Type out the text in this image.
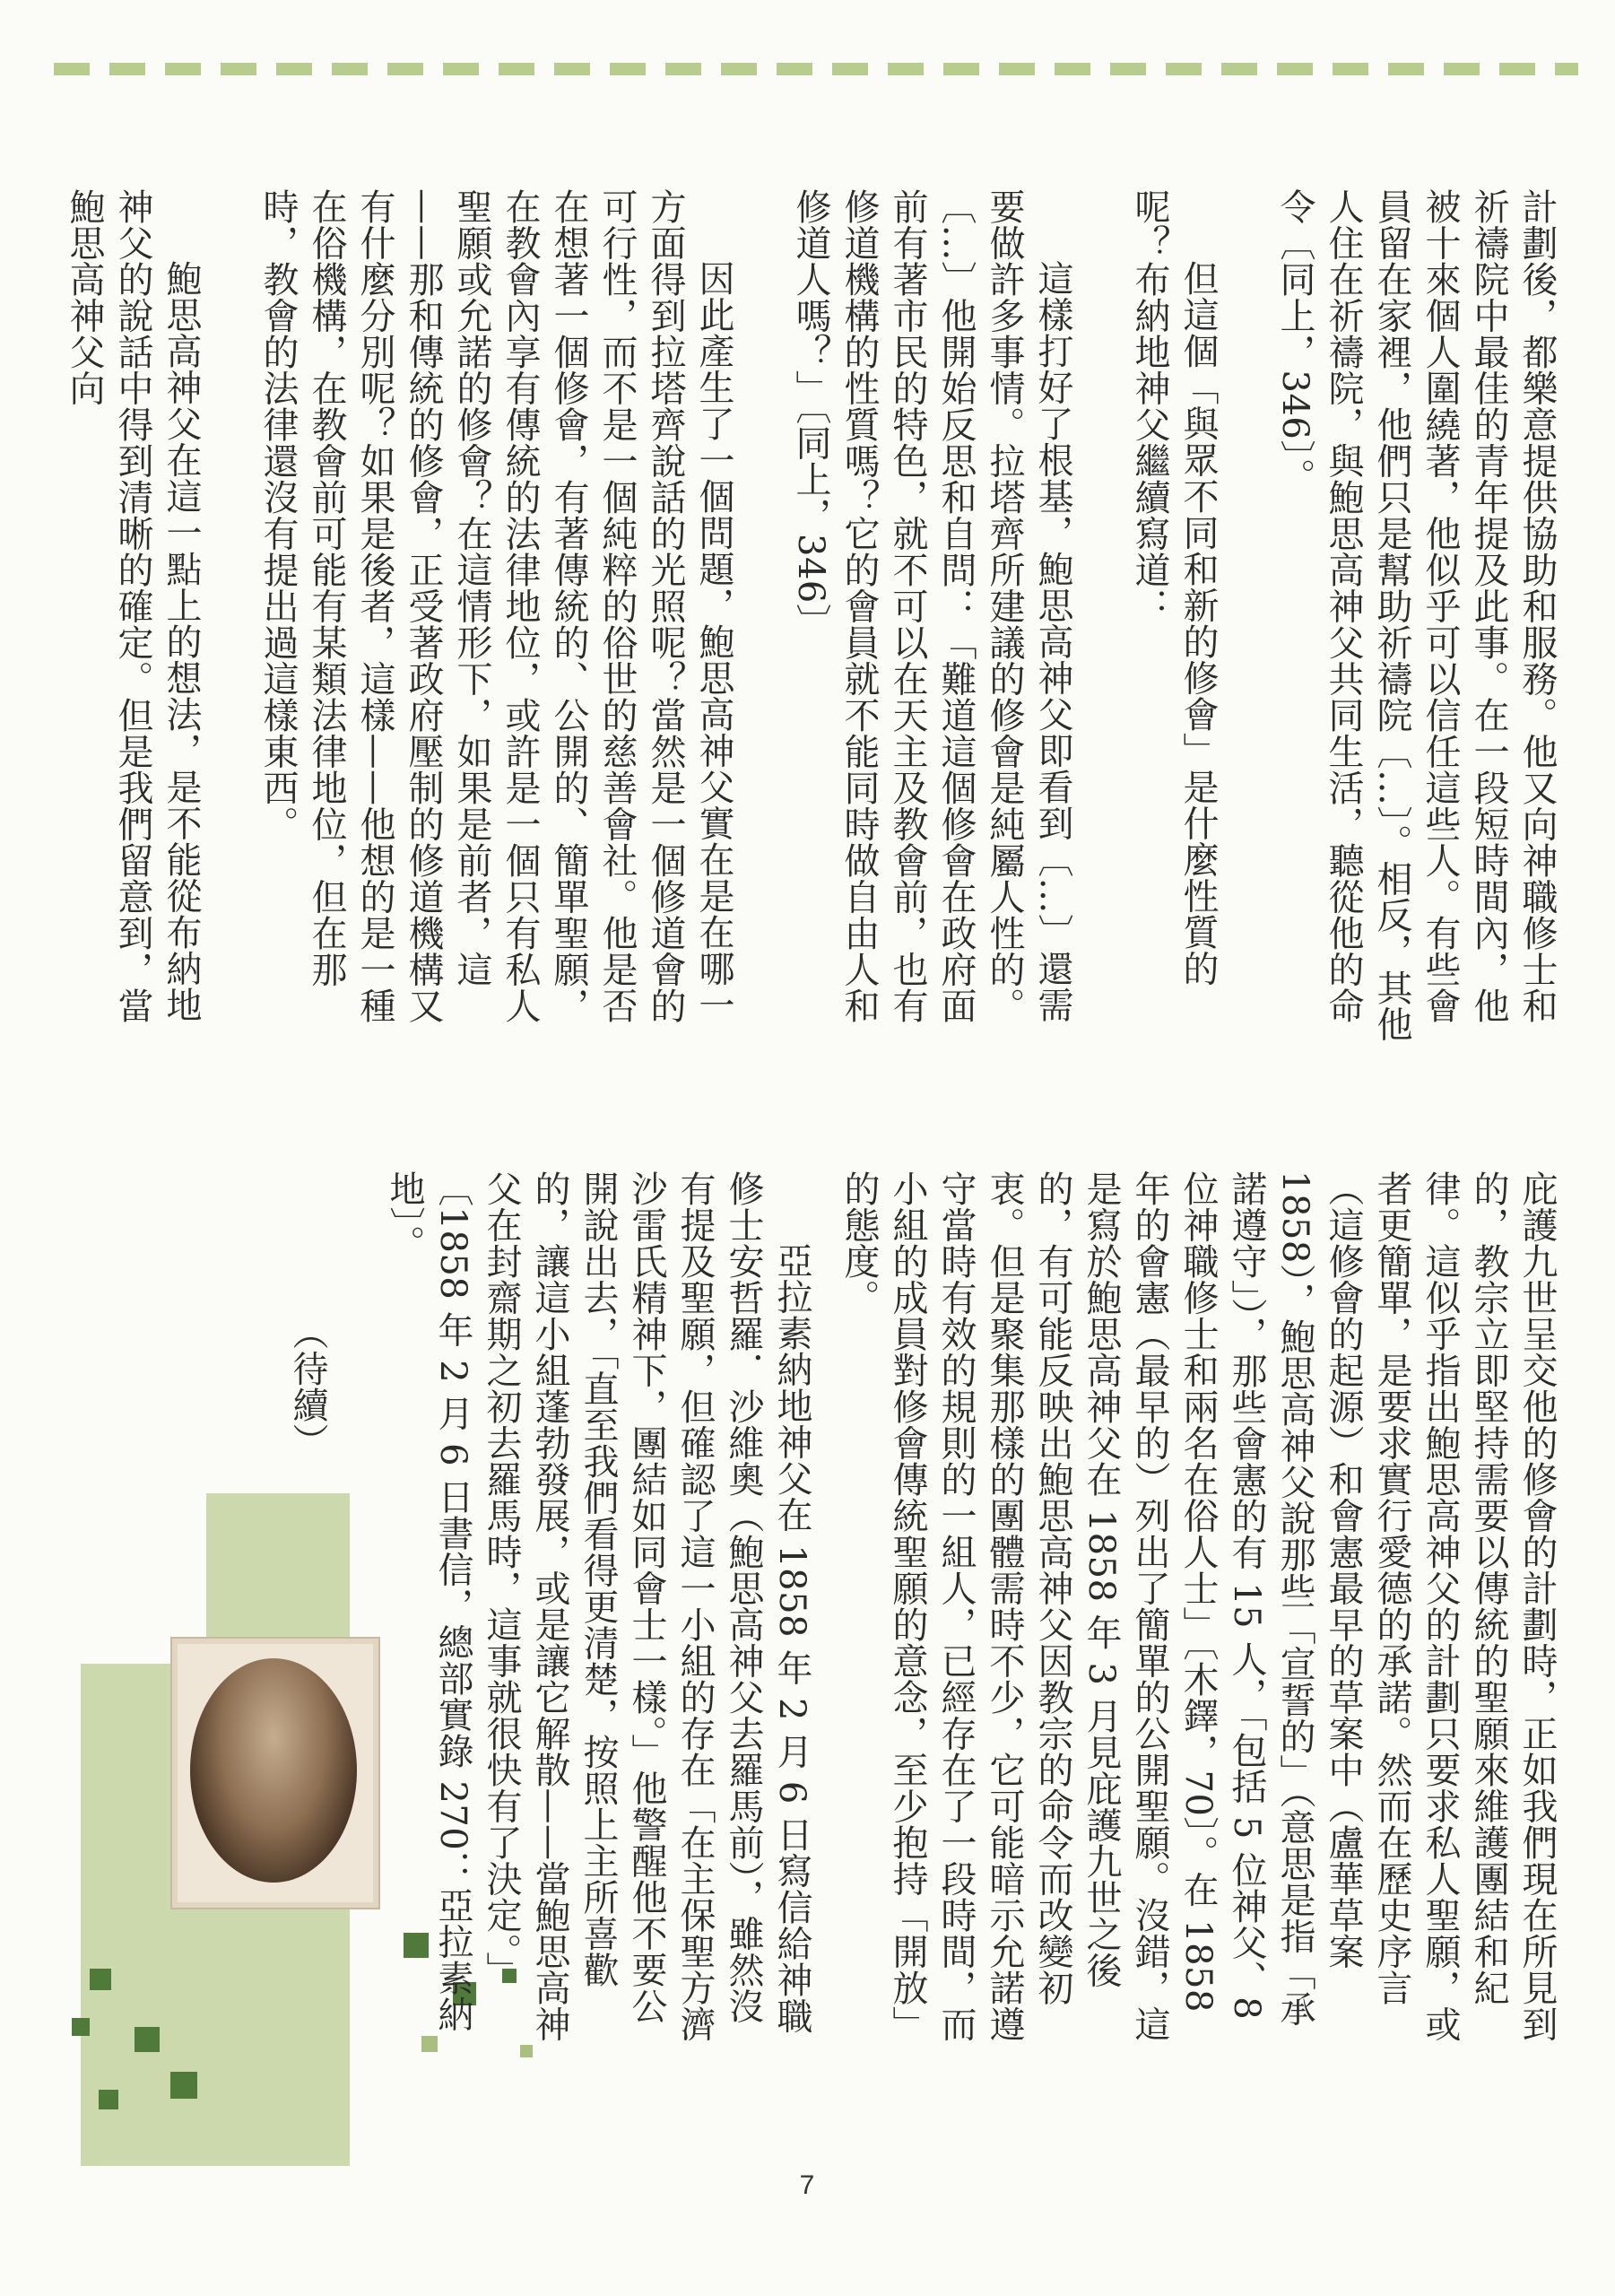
計劃後，都樂意提供協助和服務。他又向神職修士和祈禱院中最佳的青年提及此事。在一段短時間內，他被十來個人圍繞著，他似乎可以信任這些人。有些會員留在家裡，他們只是幫助祈禱院〔…〕。相反，其他人住在祈禱院，與鮑思高神父共同生活，聽從他的命令〔同上，346〕。

但這個「與眾不同和新的修會」是什麼性質的呢？布納地神父繼續寫道：

這樣打好了根基，鮑思高神父即看到〔…〕還需要做許多事情。拉塔齊所建議的修會是純屬人性的。〔…〕他開始反思和自問：「難道這個修會在政府面前有著市民的特色，就不可以在天主及教會前，也有修道機構的性質嗎？它的會員就不能同時做自由人和修道人嗎？」〔同上，346〕

因此產生了一個問題，鮑思高神父實在是在哪一方面得到拉塔齊說話的光照呢？當然是一個修道會的可行性，而不是一個純粹的俗世的慈善會社。他是否在想著一個修會，有著傳統的、公開的、簡單聖願，在教會內享有傳統的法律地位，或許是一個只有私人聖願或允諾的修會？在這情形下，如果是前者，這——那和傳統的修會，正受著政府壓制的修道機構又有什麼分別呢？如果是後者，這樣——他想的是一種在俗機構，在教會前可能有某類法律地位，但在那時，教會的法律還沒有提出過這樣東西。

鮑思高神父在這一點上的想法，是不能從布納地神父的說話中得到清晰的確定。但是我們留意到，當鮑思高神父向

庇護九世呈交他的修會的計劃時，正如我們現在所見到的，教宗立即堅持需要以傳統的聖願來維護團結和紀律。這似乎指出鮑思高神父的計劃只要求私人聖願，或者更簡單，是要求實行愛德的承諾。然而在歷史序言（這修會的起源）和會憲最早的草案中（盧華草案 1858），鮑思高神父說那些「宣誓的」（意思是指「承諾遵守」），那些會憲的有 15 人，「包括 5 位神父、8 位神職修士和兩名在俗人士」〔木鐸，70〕。在 1858 年的會憲（最早的）列出了簡單的公開聖願。沒錯，這是寫於鮑思高神父在 1858 年 3 月見庇護九世之後的，有可能反映出鮑思高神父因教宗的命令而改變初衷。但是聚集那樣的團體需時不少，它可能暗示允諾遵守當時有效的規則的一組人，已經存在了一段時間，而小組的成員對修會傳統聖願的意念，至少抱持「開放」的態度。

亞拉素納地神父在 1858 年 2 月 6 日寫信給神職修士安哲羅．沙維奧（鮑思高神父去羅馬前），雖然沒有提及聖願，但確認了這一小組的存在「在主保聖方濟沙雷氏精神下，團結如同會士一樣。」他警醒他不要公開說出去，「直至我們看得更清楚，按照上主所喜歡的，讓這小組蓬勃發展，或是讓它解散——當鮑思高神父在封齋期之初去羅馬時，這事就很快有了決定。」〔1858 年 2 月 6 日書信，總部實錄 270：亞拉素納地〕。

（待續）

7
